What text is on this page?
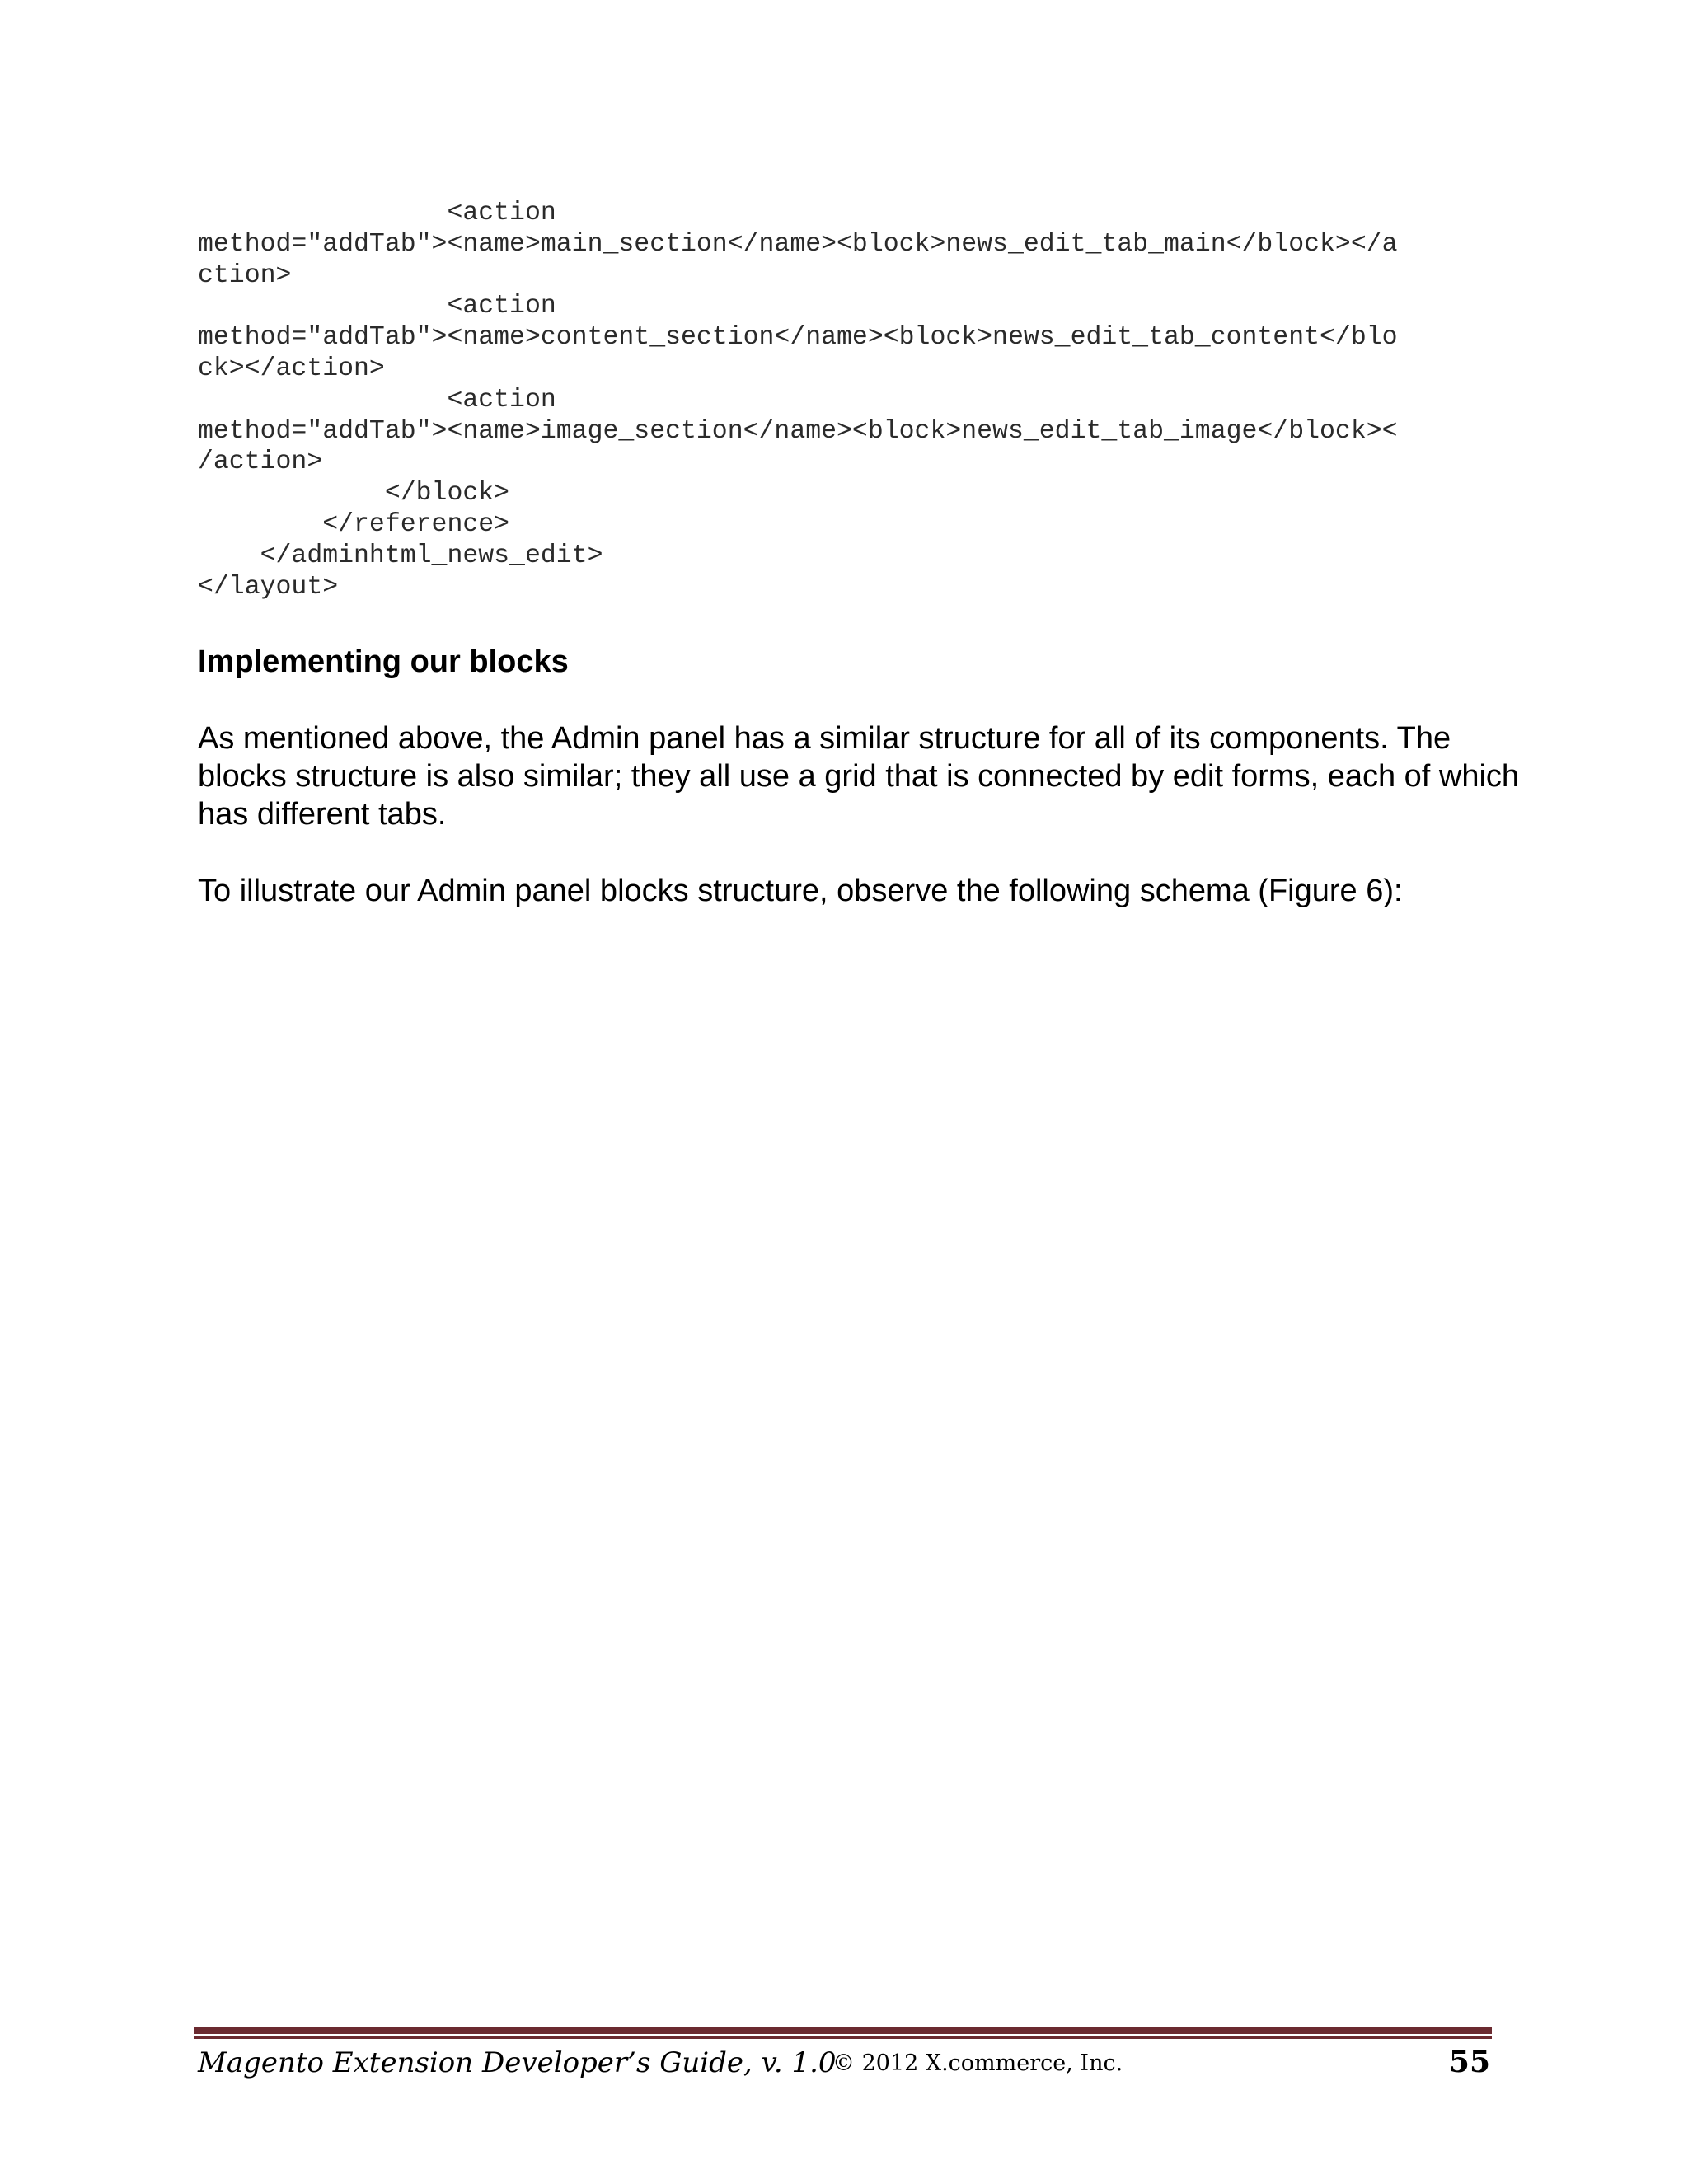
<action
method="addTab"><name>main_section</name><block>news_edit_tab_main</block></a
ction>
<action
method="addTab"><name>content_section</name><block>news_edit_tab_content</blo
ck></action>
<action
method="addTab"><name>image_section</name><block>news_edit_tab_image</block><
/action>
</block>
</reference>
</adminhtml_news_edit>
</layout>
Implementing our blocks

As mentioned above, the Admin panel has a similar structure for all of its components. The blocks structure is also similar; they all use a grid that is connected by edit forms, each of which has different tabs.

To illustrate our Admin panel blocks structure, observe the following schema (Figure 6):

Magento Extension Developer’s Guide, v. 1.0
© 2012 X.commerce, Inc.	55
